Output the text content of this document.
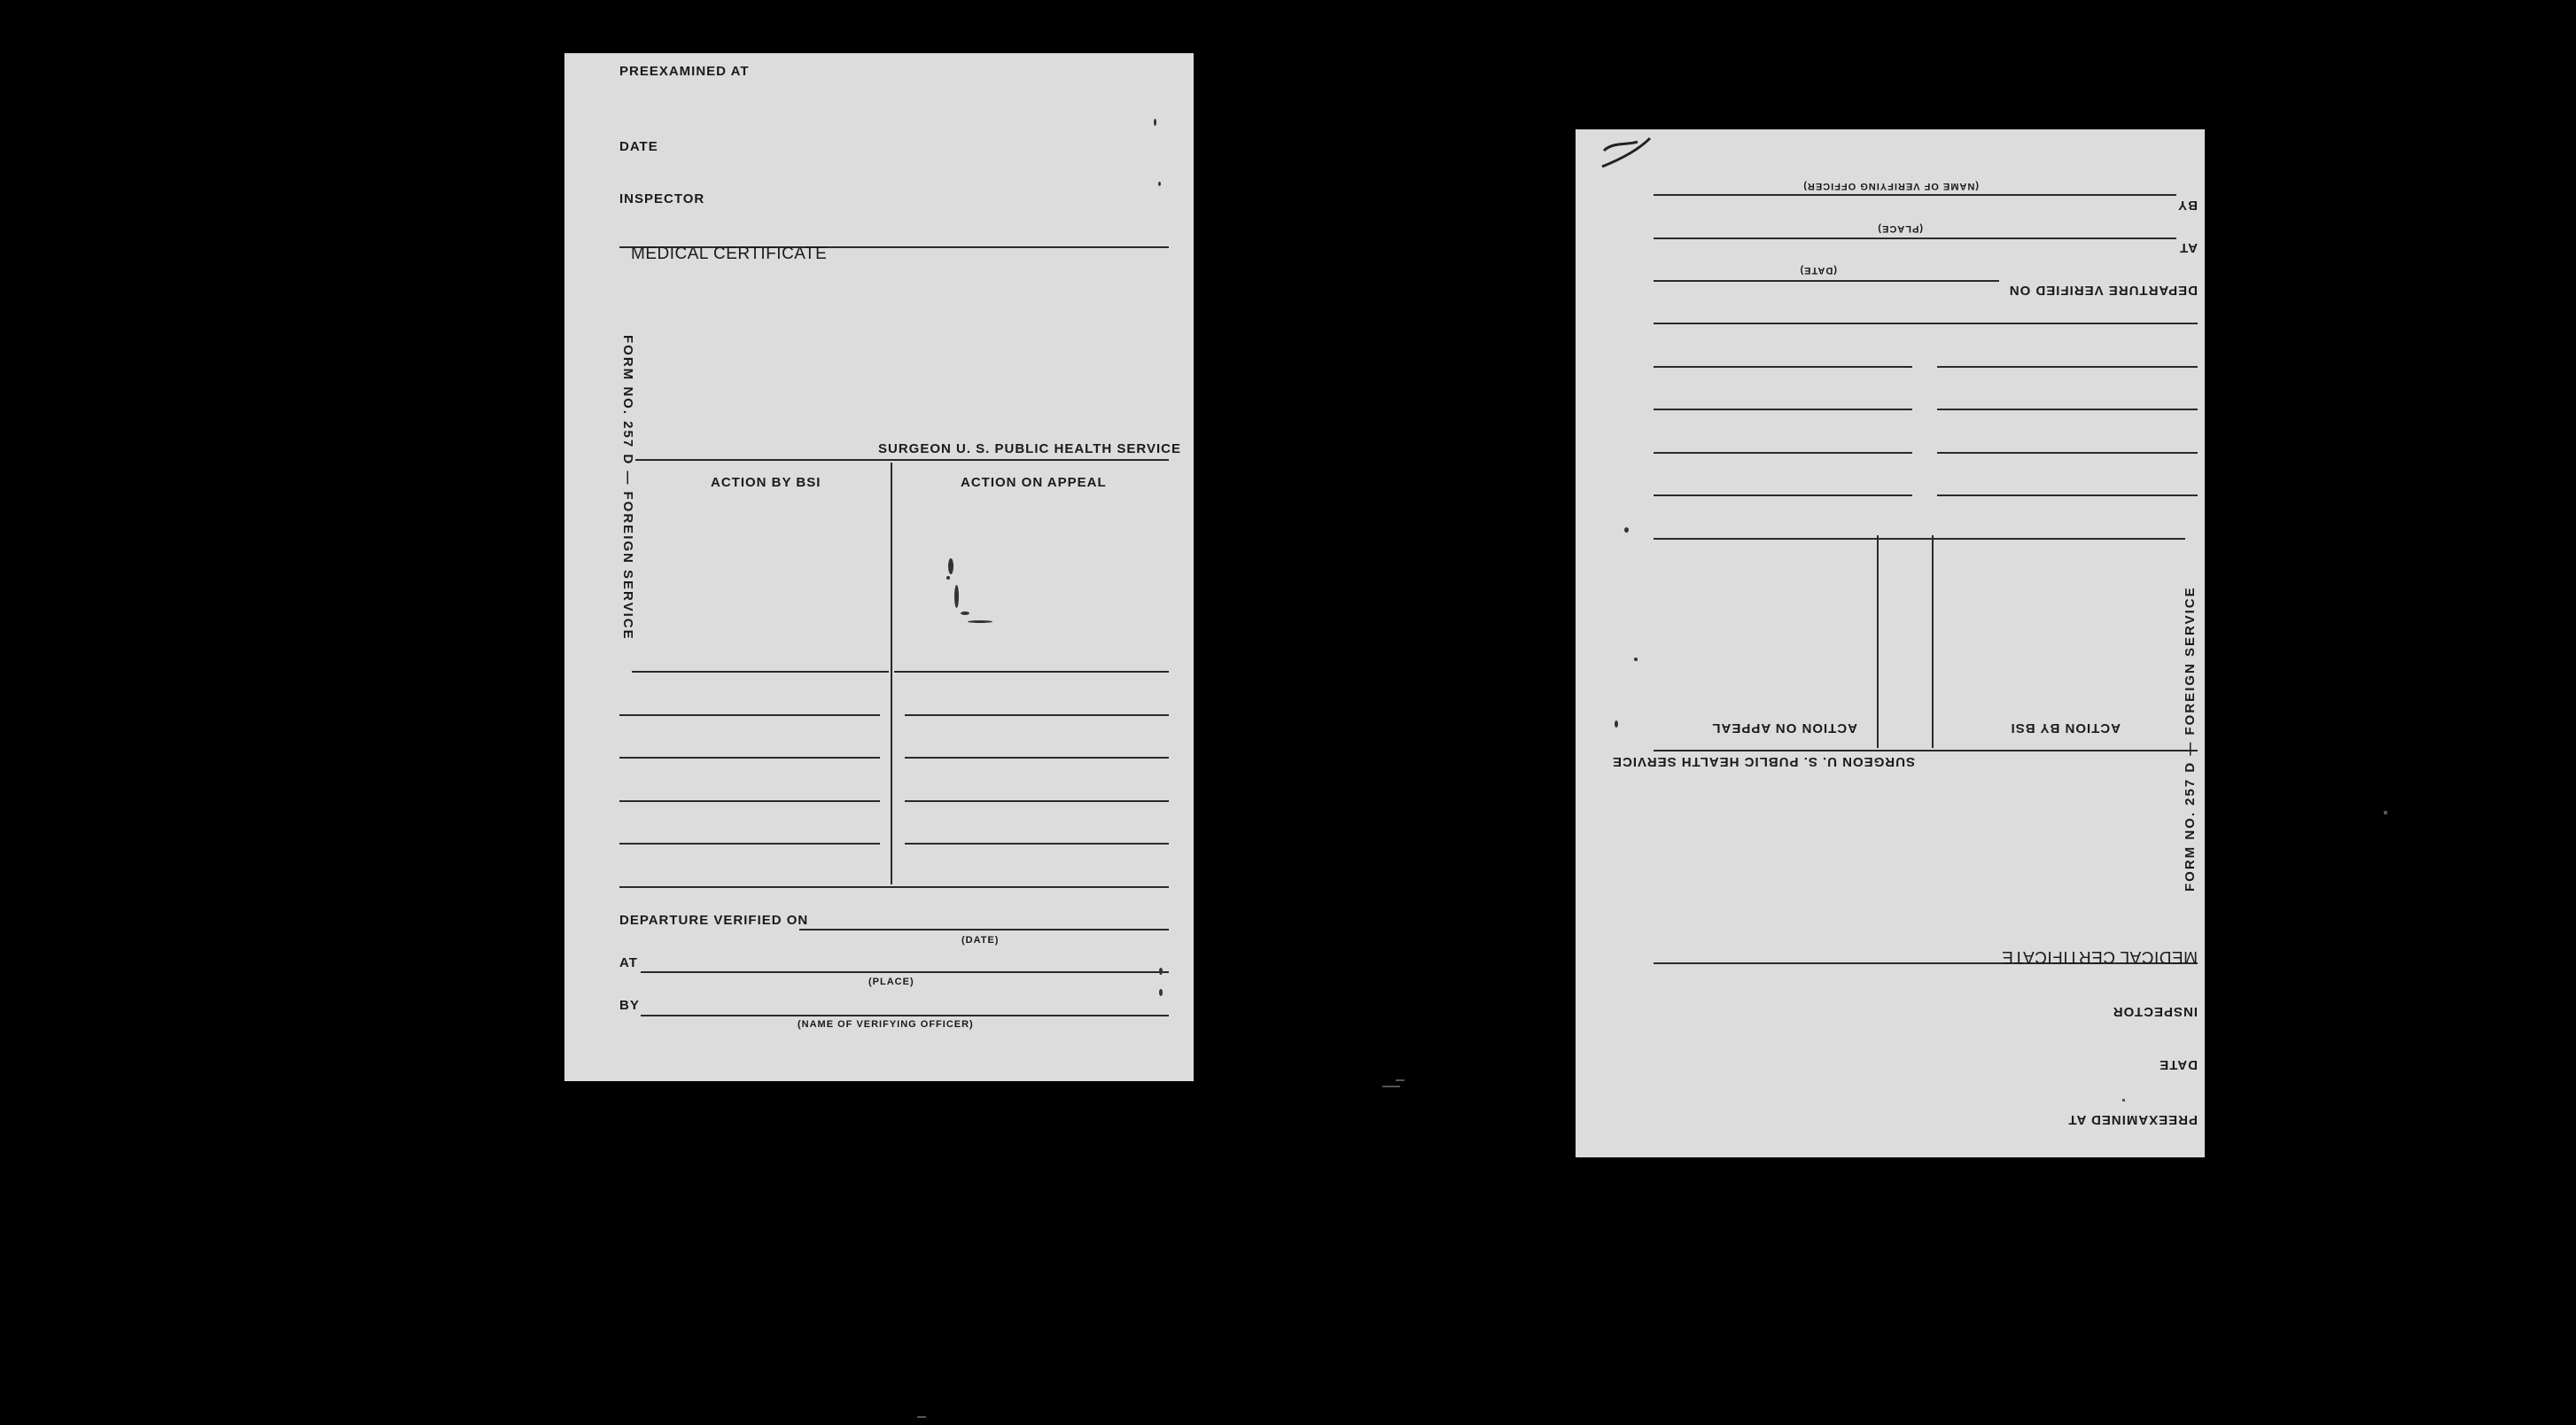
PREEXAMINED AT
DATE
INSPECTOR
MEDICAL CERTIFICATE
FORM NO. 257 D — FOREIGN SERVICE	SURGEON U. S. PUBLIC HEALTH SERVICE
ACTION BY BSI	ACTION ON APPEAL
DEPARTURE VERIFIED ON
(DATE)
AT
(PLACE)
BY
(NAME OF VERIFYING OFFICER)
PREEXAMINED AT
DATE
INSPECTOR
MEDICAL CERTIFICATE
FORM NO. 257 D — FOREIGN SERVICE
SURGEON U. S. PUBLIC HEALTH SERVICE
ACTION BY BSI
ACTION ON APPEAL
DEPARTURE VERIFIED ON
(DATE)
AT
(PLACE)
BY
(NAME OF VERIFYING OFFICER)
